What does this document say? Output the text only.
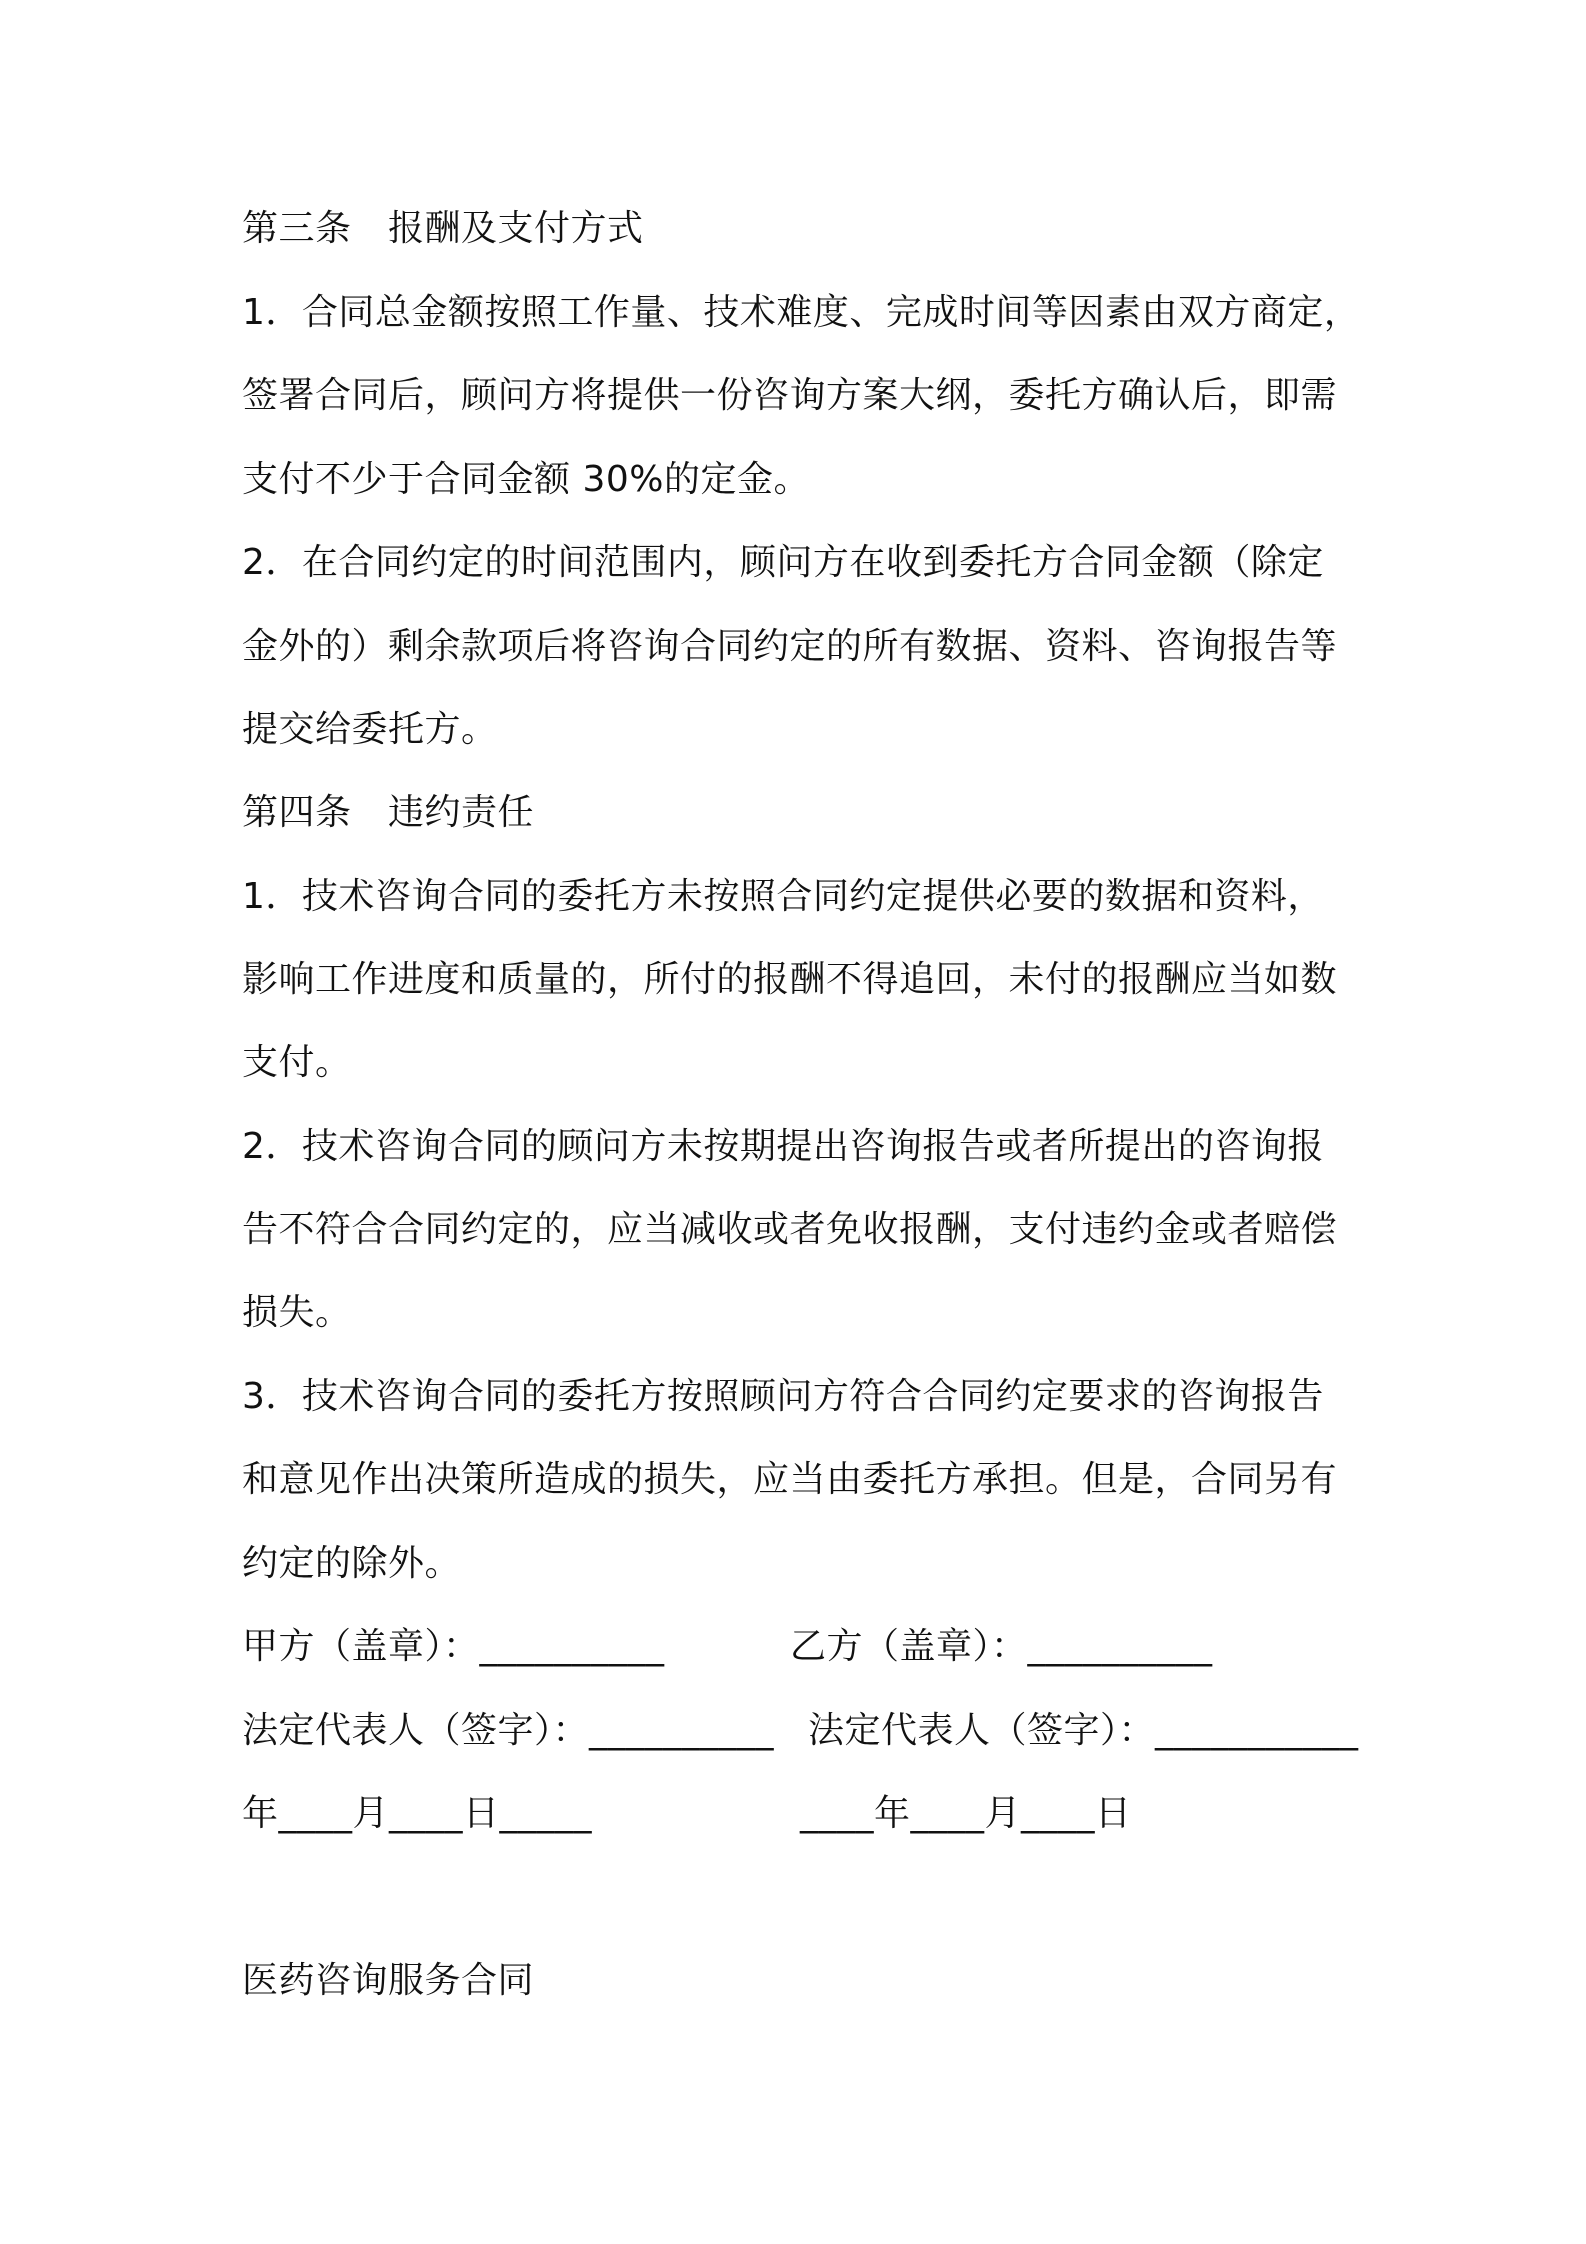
第三条　报酬及支付方式
1．合同总金额按照工作量、技术难度、完成时间等因素由双方商定，
签署合同后，顾问方将提供一份咨询方案大纲，委托方确认后，即需
支付不少于合同金额 30%的定金。
2．在合同约定的时间范围内，顾问方在收到委托方合同金额（除定
金外的）剩余款项后将咨询合同约定的所有数据、资料、咨询报告等
提交给委托方。
第四条　违约责任
1．技术咨询合同的委托方未按照合同约定提供必要的数据和资料，
影响工作进度和质量的，所付的报酬不得追回，未付的报酬应当如数
支付。
2．技术咨询合同的顾问方未按期提出咨询报告或者所提出的咨询报
告不符合合同约定的，应当减收或者免收报酬，支付违约金或者赔偿
损失。
3．技术咨询合同的委托方按照顾问方符合合同约定要求的咨询报告
和意见作出决策所造成的损失，应当由委托方承担。但是，合同另有
约定的除外。
甲方（盖章）：__________	乙方（盖章）：__________
法定代表人（签字）：__________ 法定代表人（签字）：___________
年____月____日_____	____年____月____日
医药咨询服务合同
